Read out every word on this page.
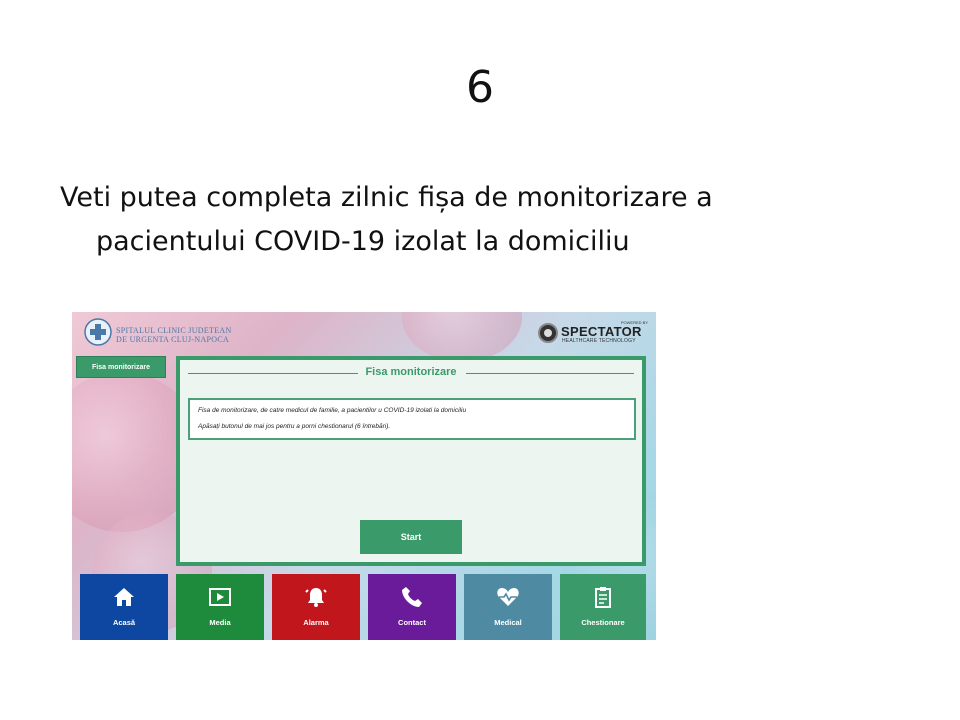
6
Veti putea completa zilnic fișa de monitorizare a
pacientului COVID-19 izolat la domiciliu
SPITALUL CLINIC JUDETEAN
DE URGENTA CLUJ-NAPOCA
POWERED BY
SPECTATOR
HEALTHCARE TECHNOLOGY
Fisa monitorizare	Fisa monitorizare

Fisa de monitorizare, de catre medicul de familie, a pacientilor u COVID-19 izolati la domiciliu

Apăsați butonul de mai jos pentru a porni chestionarul (6 întrebări).

Start
Acasă	Media	Alarma	Contact	Medical	Chestionare
